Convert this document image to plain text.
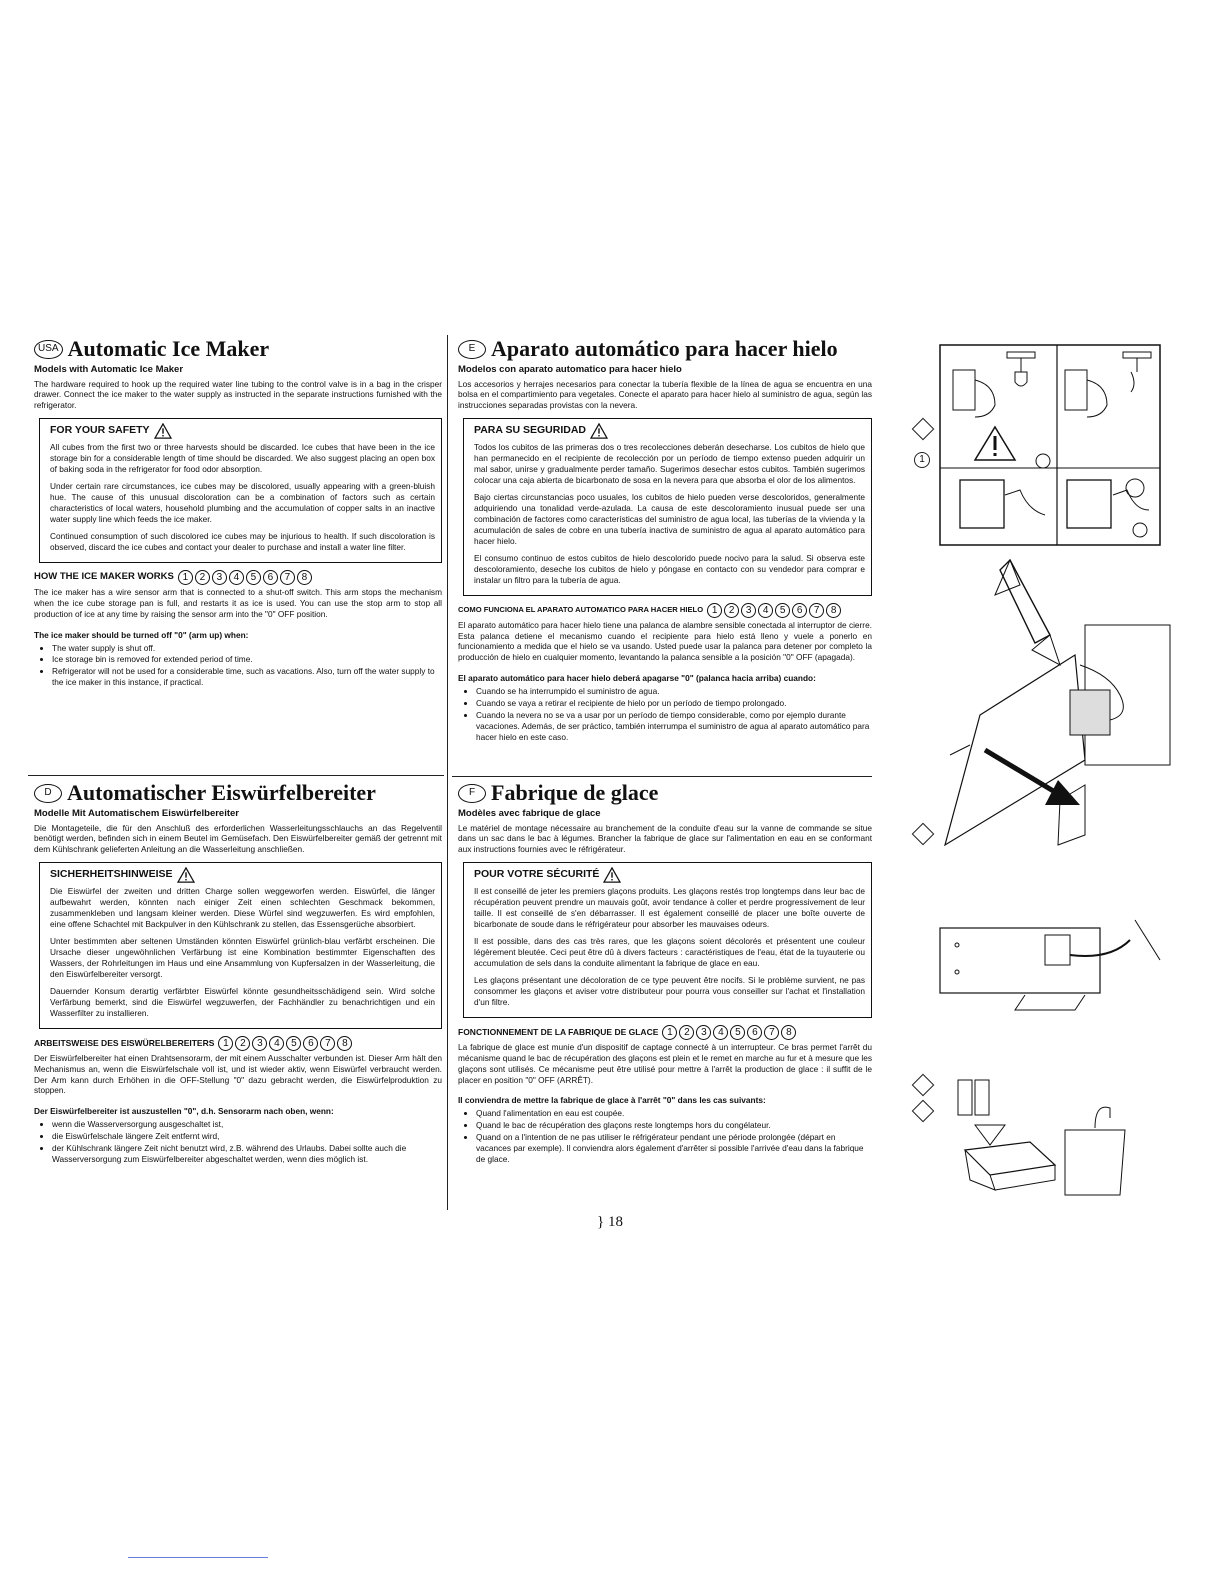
USA Automatic Ice Maker
Models with Automatic Ice Maker

The hardware required to hook up the required water line tubing to the control valve is in a bag in the crisper drawer. Connect the ice maker to the water supply as instructed in the separate instructions furnished with the refrigerator.

FOR YOUR SAFETY

All cubes from the first two or three harvests should be discarded. Ice cubes that have been in the ice storage bin for a considerable length of time should be discarded. We also suggest placing an open box of baking soda in the refrigerator for food odor absorption.

Under certain rare circumstances, ice cubes may be discolored, usually appearing with a green-bluish hue. The cause of this unusual discoloration can be a combination of factors such as certain characteristics of local waters, household plumbing and the accumulation of copper salts in an inactive water supply line which feeds the ice maker.

Continued consumption of such discolored ice cubes may be injurious to health. If such discoloration is observed, discard the ice cubes and contact your dealer to purchase and install a water line filter.

HOW THE ICE MAKER WORKS 1	2	3	4	5	6	7	8

The ice maker has a wire sensor arm that is connected to a shut-off switch. This arm stops the mechanism when the ice cube storage pan is full, and restarts it as ice is used. You can use the stop arm to stop all production of ice at any time by raising the sensor arm into the "0" OFF position.

The ice maker should be turned off "0" (arm up) when:
• The water supply is shut off.
• Ice storage bin is removed for extended period of time.
• Refrigerator will not be used for a considerable time, such as vacations. Also, turn off the water supply to the ice maker in this instance, if practical.
E Aparato automático para hacer hielo
Modelos con aparato automatico para hacer hielo

Los accesorios y herrajes necesarios para conectar la tubería flexible de la línea de agua se encuentra en una bolsa en el compartimiento para vegetales. Conecte el aparato para hacer hielo al suministro de agua, según las instrucciones separadas provistas con la nevera.

PARA SU SEGURIDAD

Todos los cubitos de las primeras dos o tres recolecciones deberán desecharse. Los cubitos de hielo que han permanecido en el recipiente de recolección por un período de tiempo extenso pueden adquirir un mal sabor, unirse y gradualmente perder tamaño. Sugerimos desechar estos cubitos. También sugerimos colocar una caja abierta de bicarbonato de sosa en la nevera para que absorba el olor de los alimentos.

Bajo ciertas circunstancias poco usuales, los cubitos de hielo pueden verse descoloridos, generalmente adquiriendo una tonalidad verde-azulada. La causa de este descoloramiento inusual puede ser una combinación de factores como características del suministro de agua local, las tuberías de la vivienda y la acumulación de sales de cobre en una tubería inactiva de suministro de agua al aparato automático para hacer hielo.

El consumo continuo de estos cubitos de hielo descolorido puede nocivo para la salud. Si observa este descoloramiento, deseche los cubitos de hielo y póngase en contacto con su vendedor para comprar e instalar un filtro para la tubería de agua.

COMO FUNCIONA EL APARATO AUTOMATICO PARA HACER HIELO 1	2	3	4	5	6	7	8

El aparato automático para hacer hielo tiene una palanca de alambre sensible conectada al interruptor de cierre. Esta palanca detiene el mecanismo cuando el recipiente para hielo está lleno y vuele a ponerlo en funcionamiento a medida que el hielo se va usando. Usted puede usar la palanca para detener por completo la producción de hielo en cualquier momento, levantando la palanca sensible a la posición "0" OFF (apagada).

El aparato automático para hacer hielo deberá apagarse "0" (palanca hacia arriba) cuando:
• Cuando se ha interrumpido el suministro de agua.
• Cuando se vaya a retirar el recipiente de hielo por un período de tiempo prolongado.
• Cuando la nevera no se va a usar por un período de tiempo considerable, como por ejemplo durante vacaciones. Además, de ser práctico, también interrumpa el suministro de agua al aparato automático para hacer hielo en este caso.
D Automatischer Eiswürfelbereiter
Modelle Mit Automatischem Eiswürfelbereiter

Die Montageteile, die für den Anschluß des erforderlichen Wasserleitungsschlauchs an das Regelventil benötigt werden, befinden sich in einem Beutel im Gemüsefach. Den Eiswürfelbereiter gemäß der getrennt mit dem Kühlschrank gelieferten Anleitung an die Wasserleitung anschließen.

SICHERHEITSHINWEISE

Die Eiswürfel der zweiten und dritten Charge sollen weggeworfen werden. Eiswürfel, die länger aufbewahrt werden, könnten nach einiger Zeit einen schlechten Geschmack bekommen, zusammenkleben und langsam kleiner werden. Diese Würfel sind wegzuwerfen. Es wird empfohlen, eine offene Schachtel mit Backpulver in den Kühlschrank zu stellen, das Essensgerüche absorbiert.

Unter bestimmten aber seltenen Umständen könnten Eiswürfel grünlich-blau verfärbt erscheinen. Die Ursache dieser ungewöhnlichen Verfärbung ist eine Kombination bestimmter Eigenschaften des Wassers, der Rohrleitungen im Haus und eine Ansammlung von Kupfersalzen in der Wasserleitung, die den Eiswürfelbereiter versorgt.

Dauernder Konsum derartig verfärbter Eiswürfel könnte gesundheitsschädigend sein. Wird solche Verfärbung bemerkt, sind die Eiswürfel wegzuwerfen, der Fachhändler zu benachrichtigen und ein Wasserfilter zu installieren.

ARBEITSWEISE DES EISWÜRELBEREITERS 1	2	3	4	5	6	7	8

Der Eiswürfelbereiter hat einen Drahtsensorarm, der mit einem Ausschalter verbunden ist. Dieser Arm hält den Mechanismus an, wenn die Eiswürfelschale voll ist, und ist wieder aktiv, wenn Eiswürfel verbraucht werden. Der Arm kann durch Erhöhen in die OFF-Stellung "0" dazu gebracht werden, die Eiswürfelproduktion zu stoppen.

Der Eiswürfelbereiter ist auszustellen "0", d.h. Sensorarm nach oben, wenn:
• wenn die Wasserversorgung ausgeschaltet ist,
• die Eiswürfelschale längere Zeit entfernt wird,
• der Kühlschrank längere Zeit nicht benutzt wird, z.B. während des Urlaubs. Dabei sollte auch die Wasserversorgung zum Eiswürfelbereiter abgeschaltet werden, wenn dies möglich ist.
F Fabrique de glace
Modèles avec fabrique de glace

Le matériel de montage nécessaire au branchement de la conduite d'eau sur la vanne de commande se situe dans un sac dans le bac à légumes. Brancher la fabrique de glace sur l'alimentation en eau en se conformant aux instructions fournies avec le réfrigérateur.

POUR VOTRE SÉCURITÉ

Il est conseillé de jeter les premiers glaçons produits. Les glaçons restés trop longtemps dans leur bac de récupération peuvent prendre un mauvais goût, avoir tendance à coller et perdre progressivement de leur taille. Il est conseillé de s'en débarrasser. Il est également conseillé de placer une boîte ouverte de bicarbonate de soude dans le réfrigérateur pour absorber les mauvaises odeurs.

Il est possible, dans des cas très rares, que les glaçons soient décolorés et présentent une couleur légèrement bleutée. Ceci peut être dû à divers facteurs : caractéristiques de l'eau, état de la tuyauterie ou accumulation de sels dans la conduite alimentant la fabrique de glace en eau.

Les glaçons présentant une décoloration de ce type peuvent être nocifs. Si le problème survient, ne pas consommer les glaçons et aviser votre distributeur pour pourra vous conseiller sur l'achat et l'installation d'un filtre.

FONCTIONNEMENT DE LA FABRIQUE DE GLACE 1	2	3	4	5	6	7	8

La fabrique de glace est munie d'un dispositif de captage connecté à un interrupteur. Ce bras permet l'arrêt du mécanisme quand le bac de récupération des glaçons est plein et le remet en marche au fur et à mesure que les glaçons sont utilisés. Ce mécanisme peut être utilisé pour mettre à l'arrêt la production de glace : il suffit de le placer en position "0" OFF (ARRÊT).

Il conviendra de mettre la fabrique de glace à l'arrêt "0" dans les cas suivants:
• Quand l'alimentation en eau est coupée.
• Quand le bac de récupération des glaçons reste longtemps hors du congélateur.
• Quand on a l'intention de ne pas utiliser le réfrigérateur pendant une période prolongée (départ en vacances par exemple). Il conviendra alors également d'arrêter si possible l'arrivée d'eau dans la fabrique de glace.
1
} 18
